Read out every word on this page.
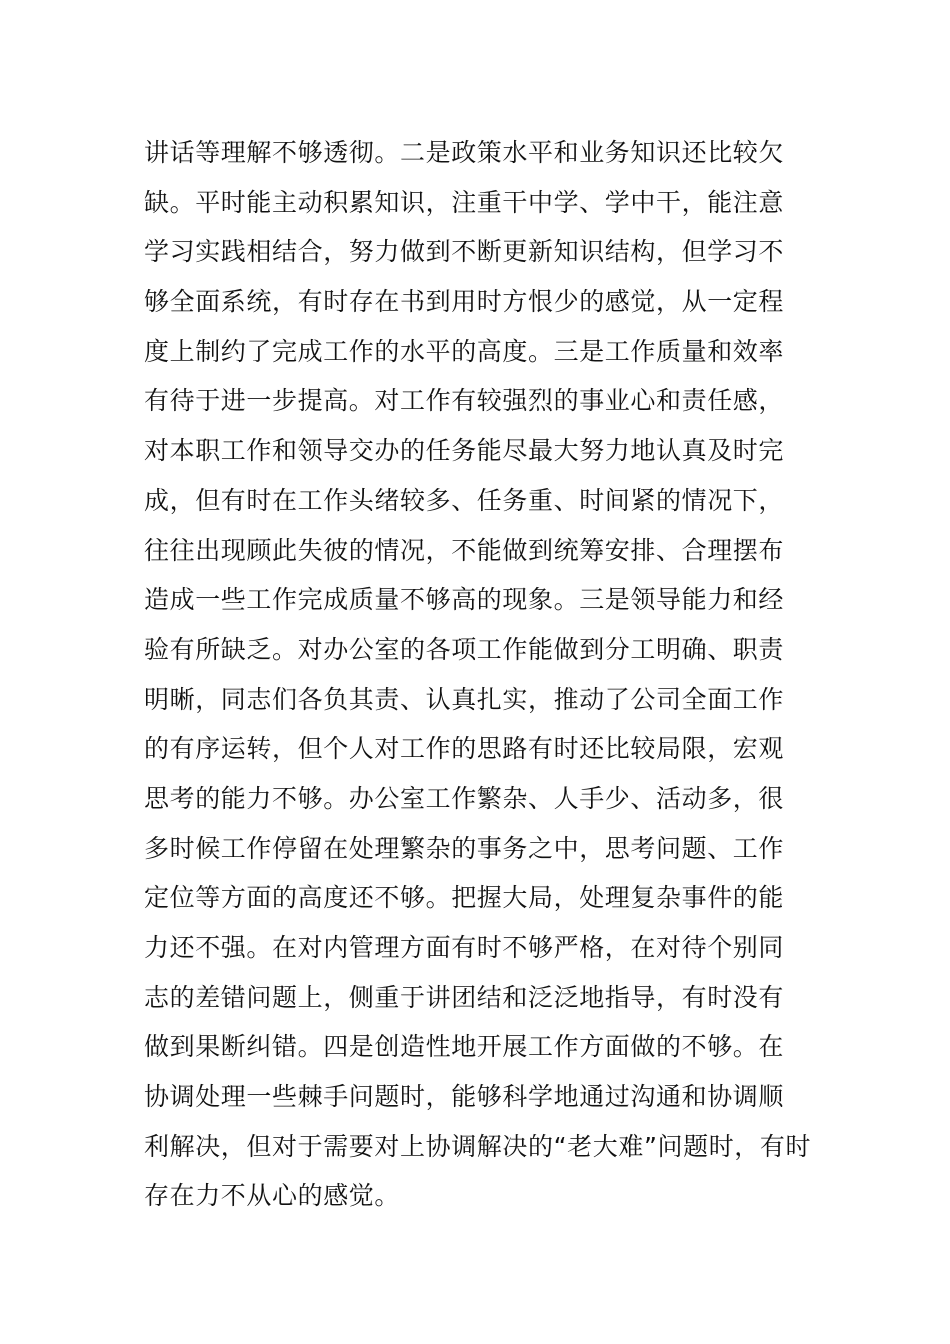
讲话等理解不够透彻。二是政策水平和业务知识还比较欠
缺。平时能主动积累知识，注重干中学、学中干，能注意
学习实践相结合，努力做到不断更新知识结构，但学习不
够全面系统，有时存在书到用时方恨少的感觉，从一定程
度上制约了完成工作的水平的高度。三是工作质量和效率
有待于进一步提高。对工作有较强烈的事业心和责任感，
对本职工作和领导交办的任务能尽最大努力地认真及时完
成，但有时在工作头绪较多、任务重、时间紧的情况下，
往往出现顾此失彼的情况，不能做到统筹安排、合理摆布
造成一些工作完成质量不够高的现象。三是领导能力和经
验有所缺乏。对办公室的各项工作能做到分工明确、职责
明晰，同志们各负其责、认真扎实，推动了公司全面工作
的有序运转，但个人对工作的思路有时还比较局限，宏观
思考的能力不够。办公室工作繁杂、人手少、活动多，很
多时候工作停留在处理繁杂的事务之中，思考问题、工作
定位等方面的高度还不够。把握大局，处理复杂事件的能
力还不强。在对内管理方面有时不够严格，在对待个别同
志的差错问题上，侧重于讲团结和泛泛地指导，有时没有
做到果断纠错。四是创造性地开展工作方面做的不够。在
协调处理一些棘手问题时，能够科学地通过沟通和协调顺
利解决，但对于需要对上协调解决的“老大难”问题时，有时
存在力不从心的感觉。
